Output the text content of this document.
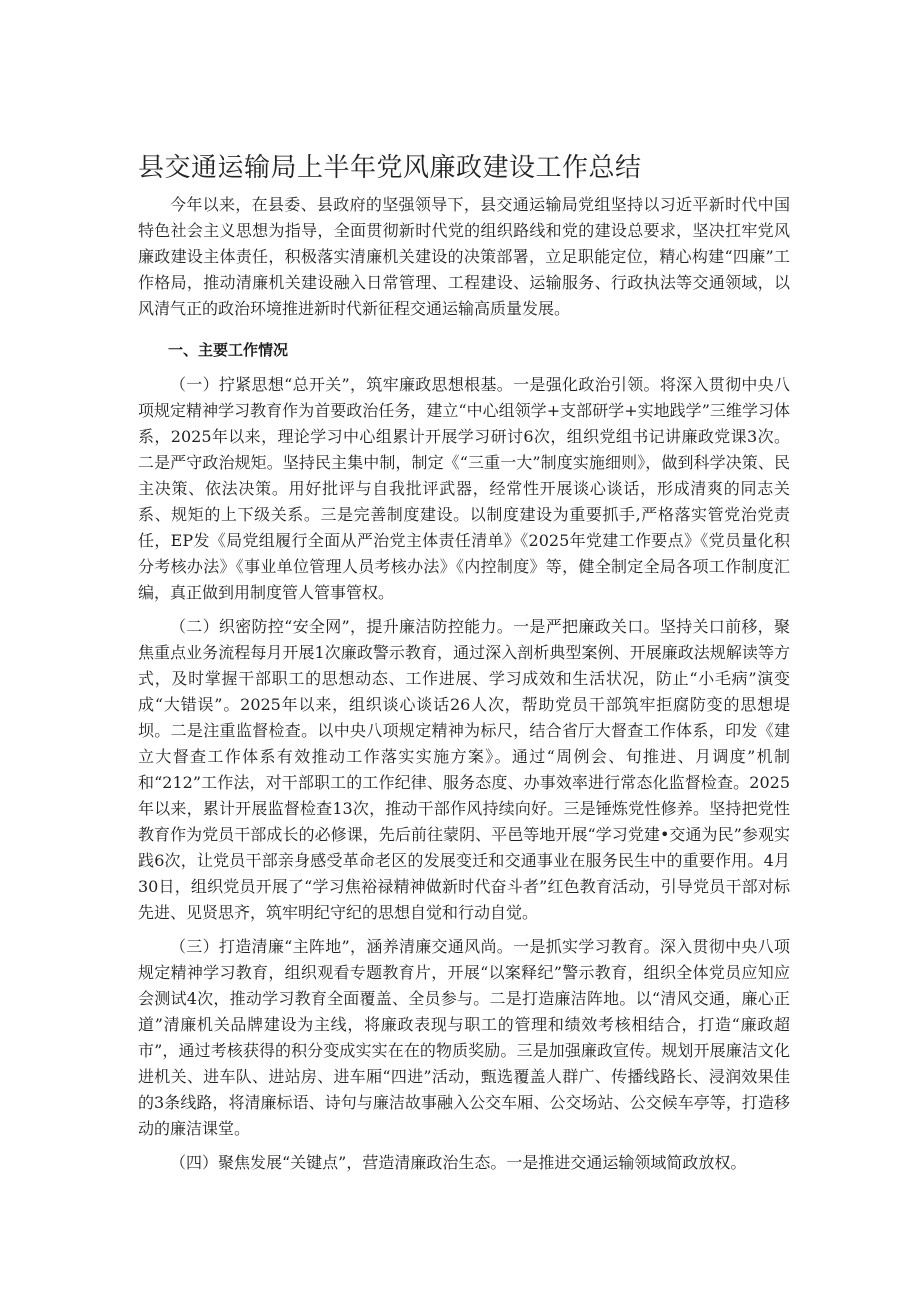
县交通运输局上半年党风廉政建设工作总结

今年以来，在县委、县政府的坚强领导下，县交通运输局党组坚持以习近平新时代中国特色社会主义思想为指导，全面贯彻新时代党的组织路线和党的建设总要求，坚决扛牢党风廉政建设主体责任，积极落实清廉机关建设的决策部署，立足职能定位，精心构建“四廉”工作格局，推动清廉机关建设融入日常管理、工程建设、运输服务、行政执法等交通领域，以风清气正的政治环境推进新时代新征程交通运输高质量发展。

一、主要工作情况

（一）拧紧思想“总开关”，筑牢廉政思想根基。一是强化政治引领。将深入贯彻中央八项规定精神学习教育作为首要政治任务，建立“中心组领学+支部研学+实地践学”三维学习体系，2025年以来，理论学习中心组累计开展学习研讨6次，组织党组书记讲廉政党课3次。二是严守政治规矩。坚持民主集中制，制定《“三重一大”制度实施细则》，做到科学决策、民主决策、依法决策。用好批评与自我批评武器，经常性开展谈心谈话，形成清爽的同志关系、规矩的上下级关系。三是完善制度建设。以制度建设为重要抓手,严格落实管党治党责任，EP发《局党组履行全面从严治党主体责任清单》《2025年党建工作要点》《党员量化积分考核办法》《事业单位管理人员考核办法》《内控制度》等，健全制定全局各项工作制度汇编，真正做到用制度管人管事管权。

（二）织密防控“安全网”，提升廉洁防控能力。一是严把廉政关口。坚持关口前移，聚焦重点业务流程每月开展1次廉政警示教育，通过深入剖析典型案例、开展廉政法规解读等方式，及时掌握干部职工的思想动态、工作进展、学习成效和生活状况，防止“小毛病”演变成“大错误”。2025年以来，组织谈心谈话26人次，帮助党员干部筑牢拒腐防变的思想堤坝。二是注重监督检查。以中央八项规定精神为标尺，结合省厅大督查工作体系，印发《建立大督查工作体系有效推动工作落实实施方案》。通过“周例会、旬推进、月调度”机制和“212”工作法，对干部职工的工作纪律、服务态度、办事效率进行常态化监督检查。2025年以来，累计开展监督检查13次，推动干部作风持续向好。三是锤炼党性修养。坚持把党性教育作为党员干部成长的必修课，先后前往蒙阴、平邑等地开展“学习党建•交通为民”参观实践6次，让党员干部亲身感受革命老区的发展变迁和交通事业在服务民生中的重要作用。4月30日，组织党员开展了“学习焦裕禄精神做新时代奋斗者”红色教育活动，引导党员干部对标先进、见贤思齐，筑牢明纪守纪的思想自觉和行动自觉。

（三）打造清廉“主阵地”，涵养清廉交通风尚。一是抓实学习教育。深入贯彻中央八项规定精神学习教育，组织观看专题教育片，开展“以案释纪”警示教育，组织全体党员应知应会测试4次，推动学习教育全面覆盖、全员参与。二是打造廉洁阵地。以“清风交通，廉心正道”清廉机关品牌建设为主线，将廉政表现与职工的管理和绩效考核相结合，打造“廉政超市”，通过考核获得的积分变成实实在在的物质奖励。三是加强廉政宣传。规划开展廉洁文化进机关、进车队、进站房、进车厢“四进”活动，甄选覆盖人群广、传播线路长、浸润效果佳的3条线路，将清廉标语、诗句与廉洁故事融入公交车厢、公交场站、公交候车亭等，打造移动的廉洁课堂。

（四）聚焦发展“关键点”，营造清廉政治生态。一是推进交通运输领域简政放权。
